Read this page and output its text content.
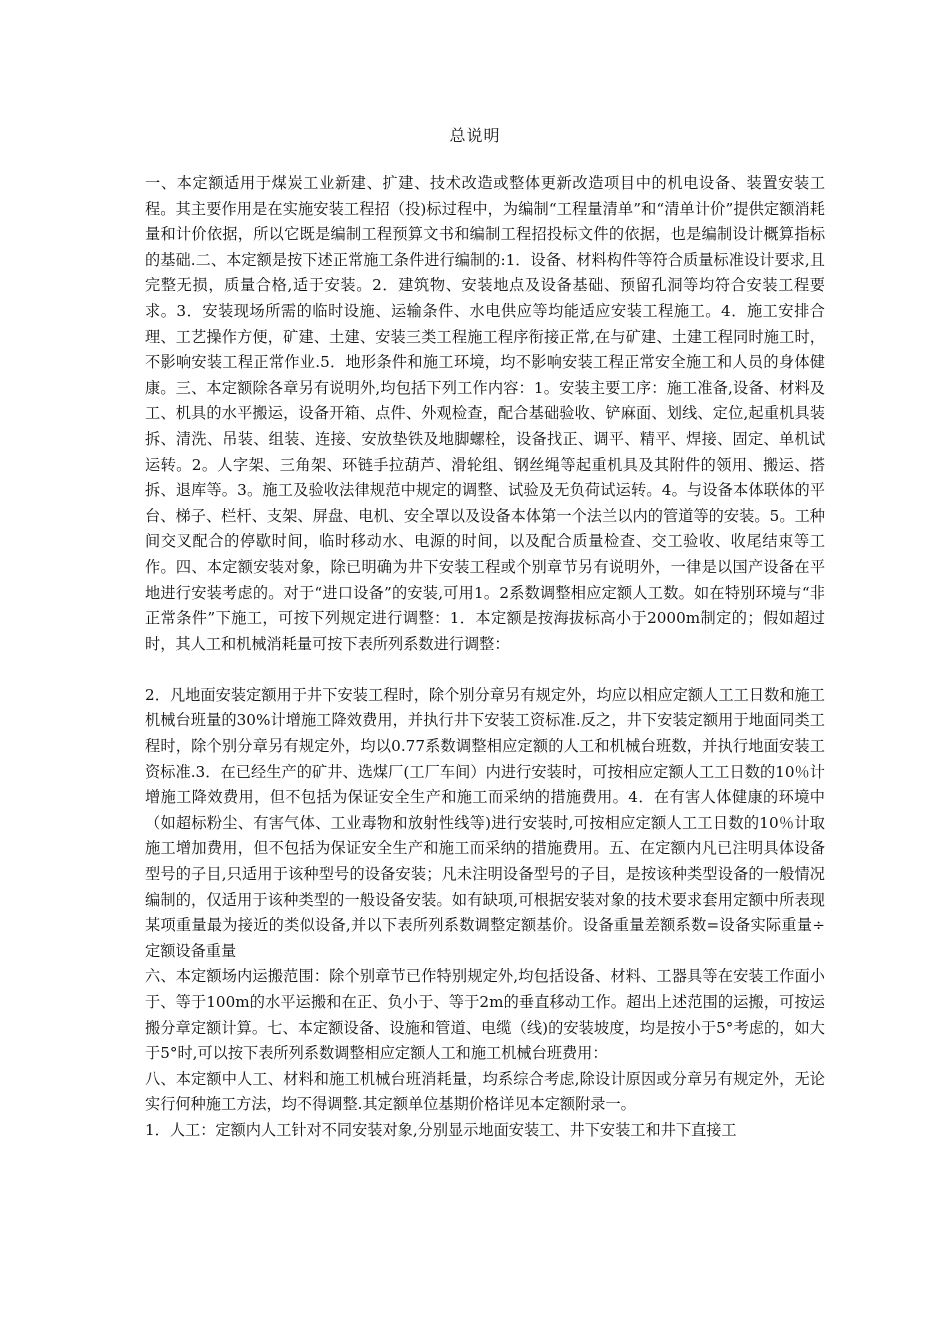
总说明

一、本定额适用于煤炭工业新建、扩建、技术改造或整体更新改造项目中的机电设备、装置安装工程。其主要作用是在实施安装工程招（投)标过程中，为编制“工程量清单”和“清单计价”提供定额消耗量和计价依据，所以它既是编制工程预算文书和编制工程招投标文件的依据，也是编制设计概算指标的基础.二、本定额是按下述正常施工条件进行编制的:1．设备、材料构件等符合质量标准设计要求,且完整无损，质量合格,适于安装。2．建筑物、安装地点及设备基础、预留孔洞等均符合安装工程要求。3．安装现场所需的临时设施、运输条件、水电供应等均能适应安装工程施工。4．施工安排合理、工艺操作方便，矿建、土建、安装三类工程施工程序衔接正常,在与矿建、土建工程同时施工时，不影响安装工程正常作业.5．地形条件和施工环境，均不影响安装工程正常安全施工和人员的身体健康。三、本定额除各章另有说明外,均包括下列工作内容：1。安装主要工序：施工准备,设备、材料及工、机具的水平搬运，设备开箱、点件、外观检查，配合基础验收、铲麻面、划线、定位,起重机具装拆、清洗、吊装、组装、连接、安放垫铁及地脚螺栓，设备找正、调平、精平、焊接、固定、单机试运转。2。人字架、三角架、环链手拉葫芦、滑轮组、钢丝绳等起重机具及其附件的领用、搬运、搭拆、退库等。3。施工及验收法律规范中规定的调整、试验及无负荷试运转。4。与设备本体联体的平台、梯子、栏杆、支架、屏盘、电机、安全罩以及设备本体第一个法兰以内的管道等的安装。5。工种间交叉配合的停歇时间，临时移动水、电源的时间，以及配合质量检查、交工验收、收尾结束等工作。四、本定额安装对象，除已明确为井下安装工程或个别章节另有说明外，一律是以国产设备在平地进行安装考虑的。对于“进口设备”的安装,可用1。2系数调整相应定额人工数。如在特别环境与“非正常条件”下施工，可按下列规定进行调整：1．本定额是按海拔标高小于2000m制定的；假如超过时，其人工和机械消耗量可按下表所列系数进行调整：

2．凡地面安装定额用于井下安装工程时，除个别分章另有规定外，均应以相应定额人工工日数和施工机械台班量的30%计增施工降效费用，并执行井下安装工资标准.反之，井下安装定额用于地面同类工程时，除个别分章另有规定外，均以0.77系数调整相应定额的人工和机械台班数，并执行地面安装工资标准.3．在已经生产的矿井、选煤厂(工厂车间）内进行安装时，可按相应定额人工工日数的10％计增施工降效费用，但不包括为保证安全生产和施工而采纳的措施费用。4．在有害人体健康的环境中（如超标粉尘、有害气体、工业毒物和放射性线等)进行安装时,可按相应定额人工工日数的10％计取施工增加费用，但不包括为保证安全生产和施工而采纳的措施费用。五、在定额内凡已注明具体设备型号的子目,只适用于该种型号的设备安装；凡未注明设备型号的子目，是按该种类型设备的一般情况编制的，仅适用于该种类型的一般设备安装。如有缺项,可根据安装对象的技术要求套用定额中所表现某项重量最为接近的类似设备,并以下表所列系数调整定额基价。设备重量差额系数=设备实际重量÷定额设备重量

六、本定额场内运搬范围：除个别章节已作特别规定外,均包括设备、材料、工器具等在安装工作面小于、等于100m的水平运搬和在正、负小于、等于2m的垂直移动工作。超出上述范围的运搬，可按运搬分章定额计算。七、本定额设备、设施和管道、电缆（线)的安装坡度，均是按小于5°考虑的，如大于5°时,可以按下表所列系数调整相应定额人工和施工机械台班费用：

八、本定额中人工、材料和施工机械台班消耗量，均系综合考虑,除设计原因或分章另有规定外，无论实行何种施工方法，均不得调整.其定额单位基期价格详见本定额附录一。

1．人工：定额内人工针对不同安装对象,分别显示地面安装工、井下安装工和井下直接工
